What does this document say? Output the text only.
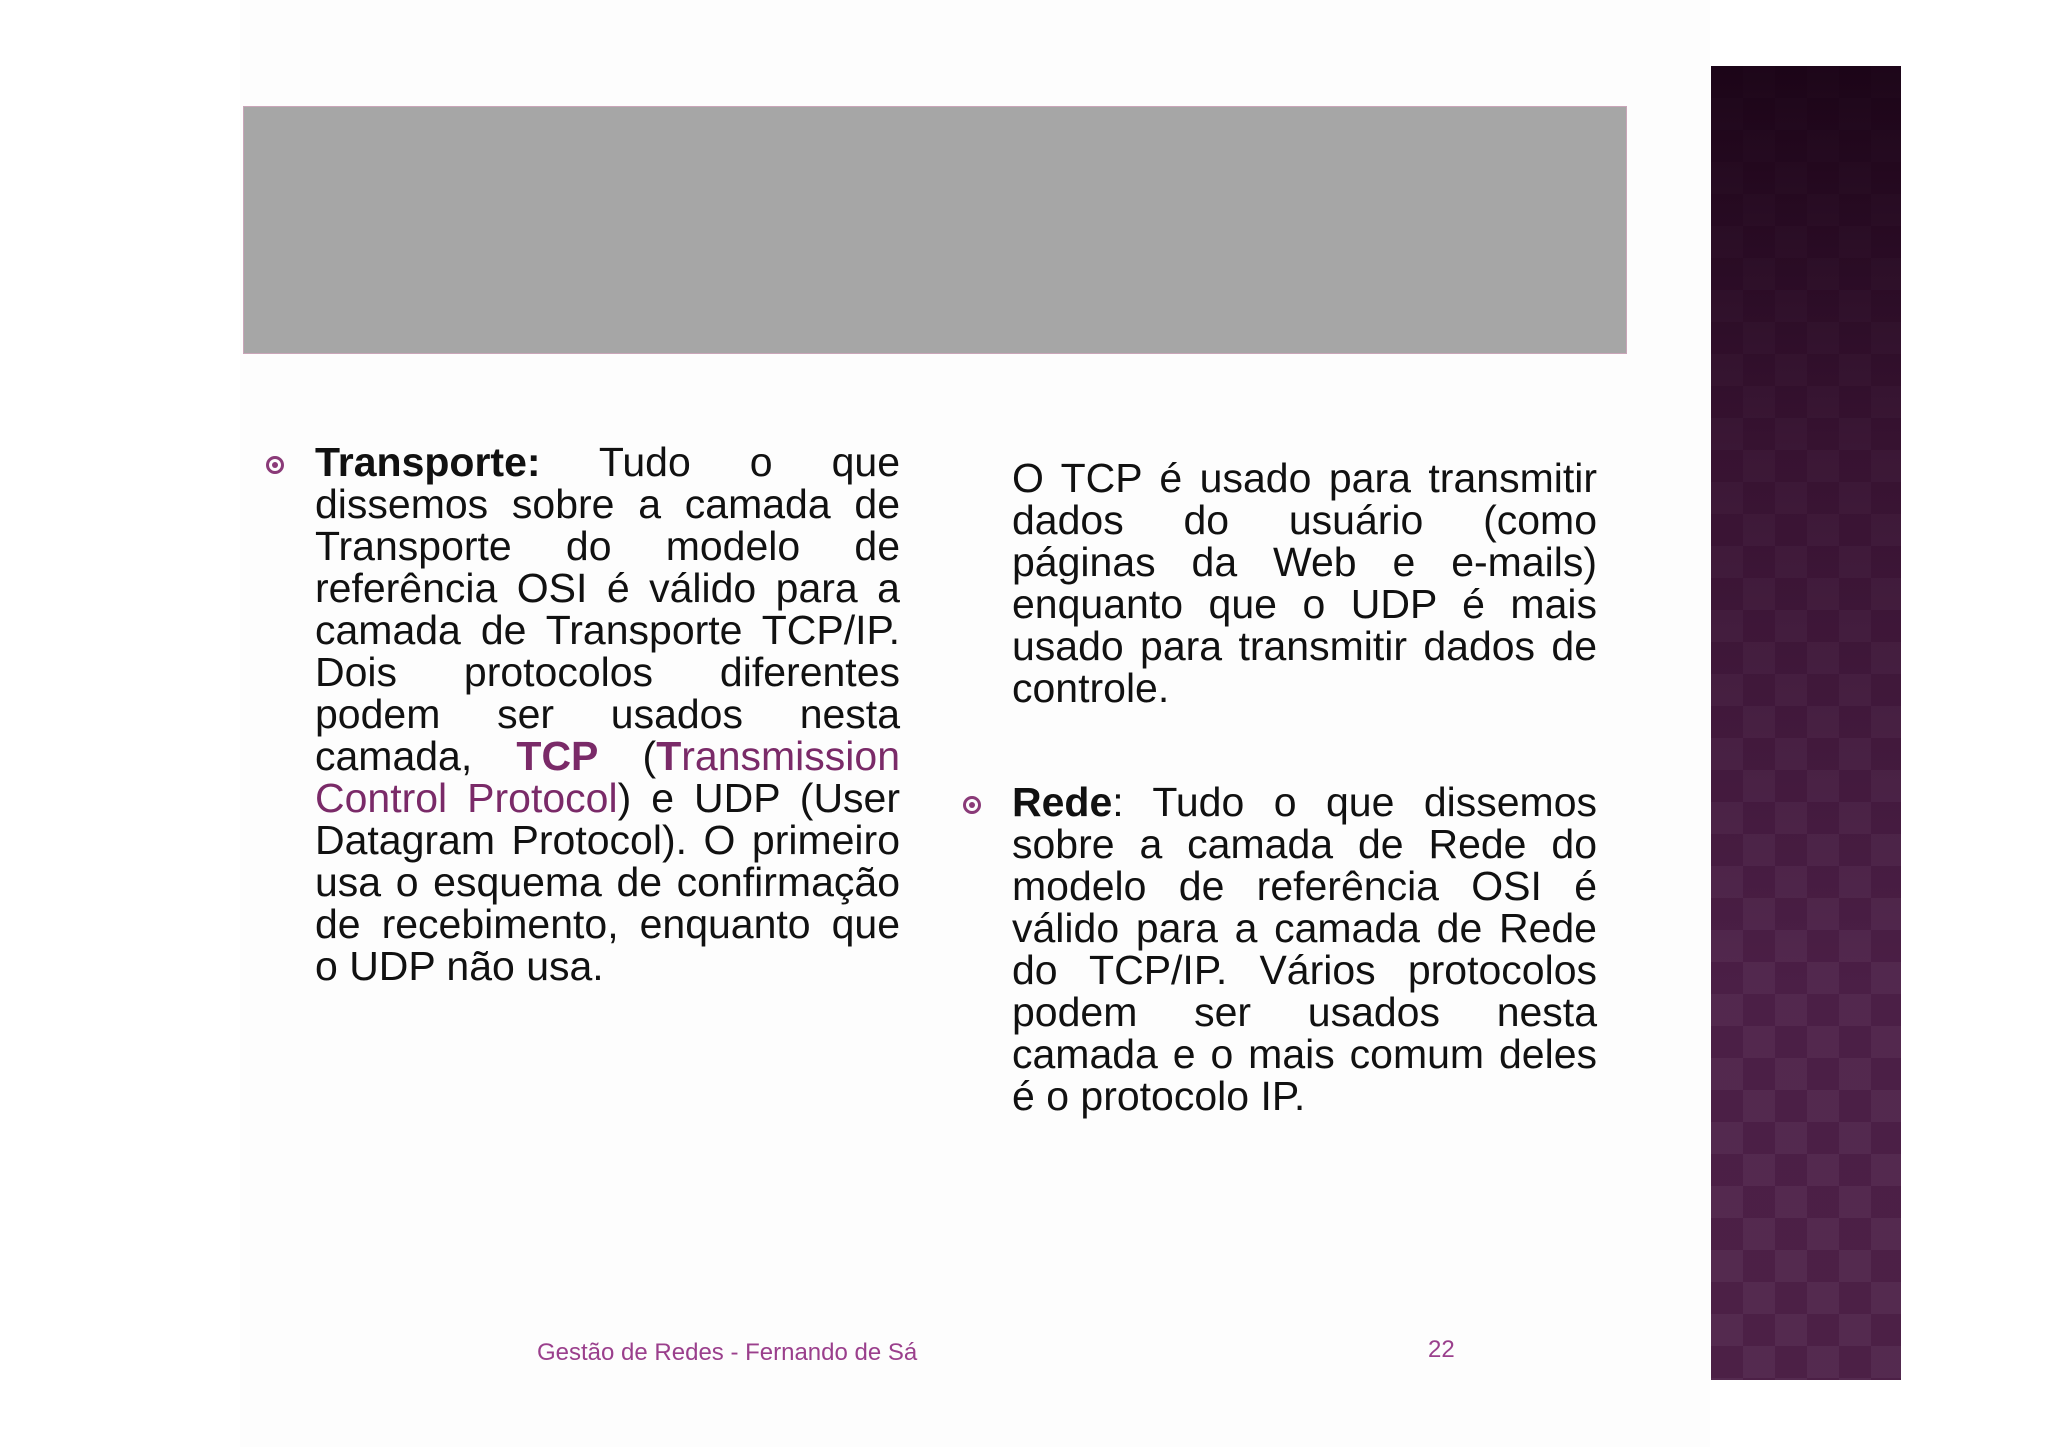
Transporte: Tudo o que dissemos sobre a camada de Transporte do modelo de referência OSI é válido para a camada de Transporte TCP/IP. Dois protocolos diferentes podem ser usados nesta camada, TCP (Transmission Control Protocol) e UDP (User Datagram Protocol). O primeiro usa o esquema de confirmação de recebimento, enquanto que o UDP não usa.
O TCP é usado para transmitir dados do usuário (como páginas da Web e e-mails) enquanto que o UDP é mais usado para transmitir dados de controle.
Rede: Tudo o que dissemos sobre a camada de Rede do modelo de referência OSI é válido para a camada de Rede do TCP/IP. Vários protocolos podem ser usados nesta camada e o mais comum deles é o protocolo IP.
Gestão de Redes - Fernando de Sá	22
